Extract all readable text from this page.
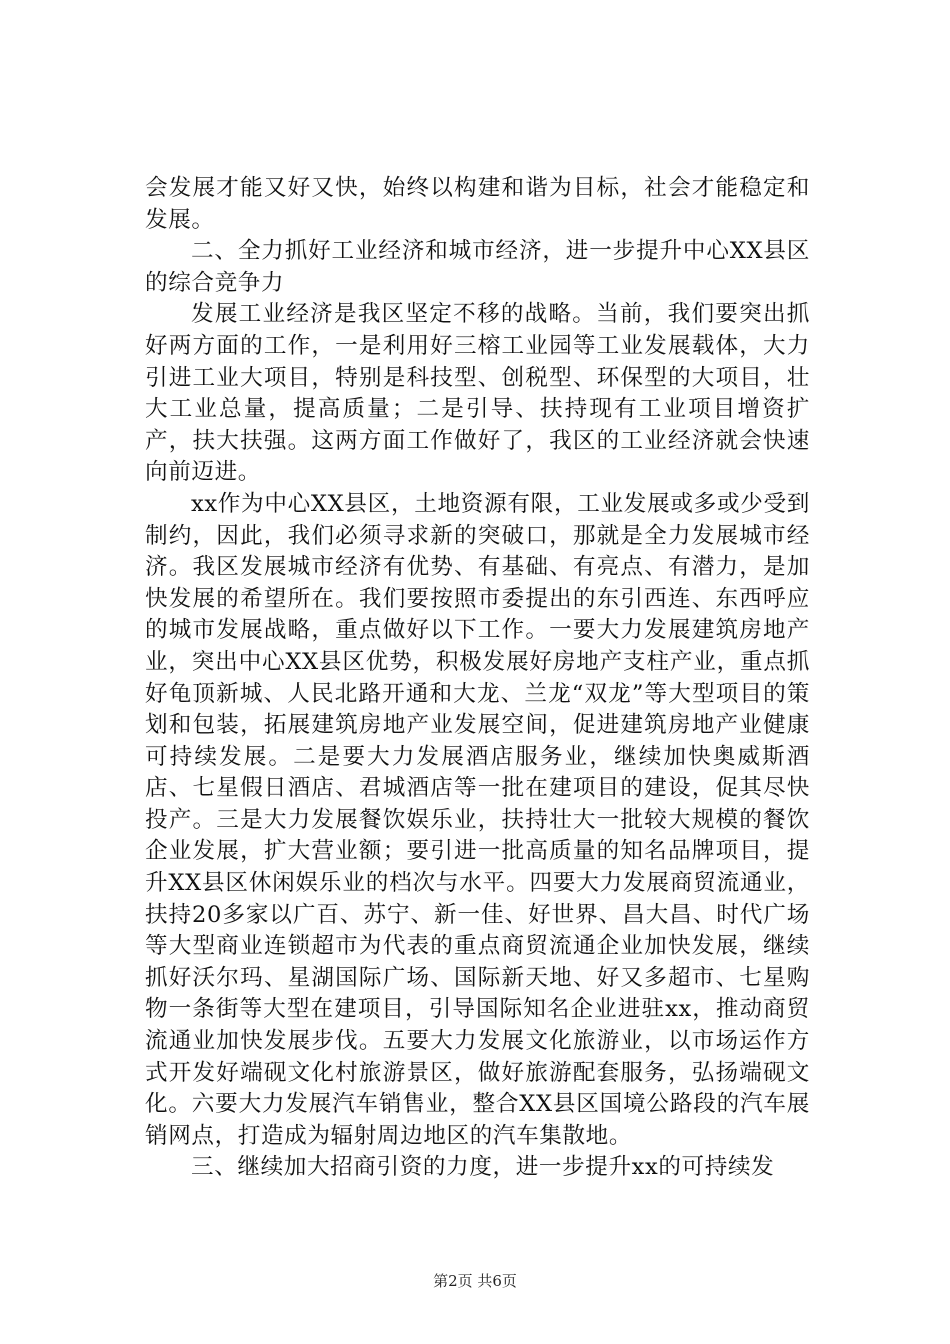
会发展才能又好又快，始终以构建和谐为目标，社会才能稳定和发展。

二、全力抓好工业经济和城市经济，进一步提升中心XX县区的综合竞争力

发展工业经济是我区坚定不移的战略。当前，我们要突出抓好两方面的工作，一是利用好三榕工业园等工业发展载体，大力引进工业大项目，特别是科技型、创税型、环保型的大项目，壮大工业总量，提高质量；二是引导、扶持现有工业项目增资扩产，扶大扶强。这两方面工作做好了，我区的工业经济就会快速向前迈进。

xx作为中心XX县区，土地资源有限，工业发展或多或少受到制约，因此，我们必须寻求新的突破口，那就是全力发展城市经济。我区发展城市经济有优势、有基础、有亮点、有潜力，是加快发展的希望所在。我们要按照市委提出的东引西连、东西呼应的城市发展战略，重点做好以下工作。一要大力发展建筑房地产业，突出中心XX县区优势，积极发展好房地产支柱产业，重点抓好龟顶新城、人民北路开通和大龙、兰龙“双龙”等大型项目的策划和包装，拓展建筑房地产业发展空间，促进建筑房地产业健康可持续发展。二是要大力发展酒店服务业，继续加快奥威斯酒店、七星假日酒店、君城酒店等一批在建项目的建设，促其尽快投产。三是大力发展餐饮娱乐业，扶持壮大一批较大规模的餐饮企业发展，扩大营业额；要引进一批高质量的知名品牌项目，提升XX县区休闲娱乐业的档次与水平。四要大力发展商贸流通业，扶持20多家以广百、苏宁、新一佳、好世界、昌大昌、时代广场等大型商业连锁超市为代表的重点商贸流通企业加快发展，继续抓好沃尔玛、星湖国际广场、国际新天地、好又多超市、七星购物一条街等大型在建项目，引导国际知名企业进驻xx，推动商贸流通业加快发展步伐。五要大力发展文化旅游业，以市场运作方式开发好端砚文化村旅游景区，做好旅游配套服务，弘扬端砚文化。六要大力发展汽车销售业，整合XX县区国境公路段的汽车展销网点，打造成为辐射周边地区的汽车集散地。

三、继续加大招商引资的力度，进一步提升xx的可持续发

第2页 共6页
